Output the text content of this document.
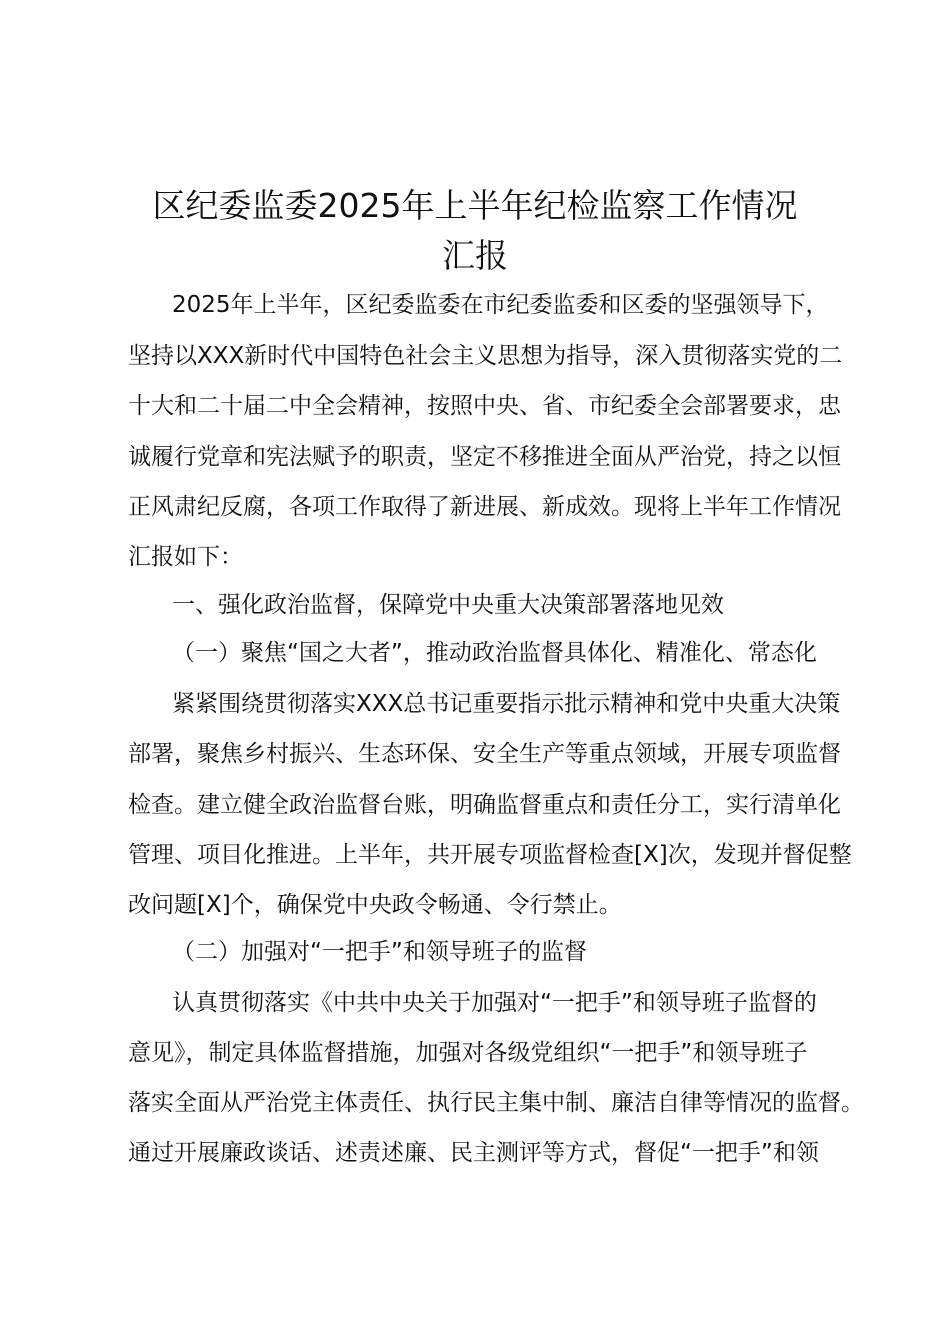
区纪委监委2025年上半年纪检监察工作情况
汇报

2025年上半年，区纪委监委在市纪委监委和区委的坚强领导下，

坚持以XXX新时代中国特色社会主义思想为指导，深入贯彻落实党的二

十大和二十届二中全会精神，按照中央、省、市纪委全会部署要求，忠

诚履行党章和宪法赋予的职责，坚定不移推进全面从严治党，持之以恒

正风肃纪反腐，各项工作取得了新进展、新成效。现将上半年工作情况

汇报如下：

一、强化政治监督，保障党中央重大决策部署落地见效

（一）聚焦“国之大者”，推动政治监督具体化、精准化、常态化

紧紧围绕贯彻落实XXX总书记重要指示批示精神和党中央重大决策

部署，聚焦乡村振兴、生态环保、安全生产等重点领域，开展专项监督

检查。建立健全政治监督台账，明确监督重点和责任分工，实行清单化

管理、项目化推进。上半年，共开展专项监督检查[X]次，发现并督促整

改问题[X]个，确保党中央政令畅通、令行禁止。

（二）加强对“一把手”和领导班子的监督

认真贯彻落实《中共中央关于加强对“一把手”和领导班子监督的

意见》，制定具体监督措施，加强对各级党组织“一把手”和领导班子

落实全面从严治党主体责任、执行民主集中制、廉洁自律等情况的监督。

通过开展廉政谈话、述责述廉、民主测评等方式，督促“一把手”和领
